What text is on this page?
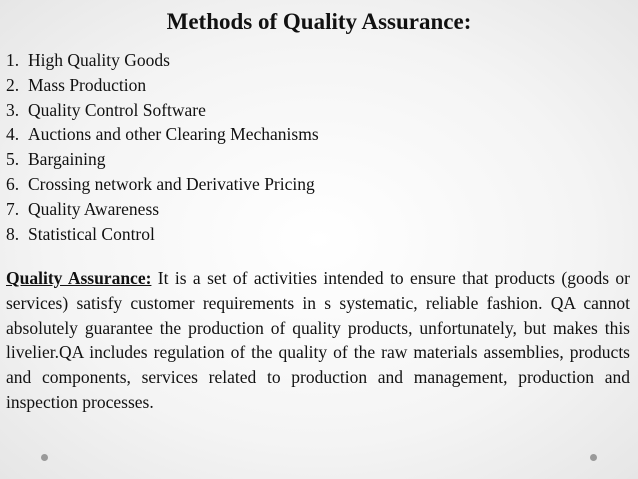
Methods of Quality Assurance:
1. High Quality Goods
2. Mass Production
3. Quality Control Software
4. Auctions and other Clearing Mechanisms
5. Bargaining
6. Crossing network and Derivative Pricing
7. Quality Awareness
8. Statistical Control

Quality Assurance: It is a set of activities intended to ensure that products (goods or services) satisfy customer requirements in s systematic, reliable fashion. QA cannot absolutely guarantee the production of quality products, unfortunately, but makes this livelier.QA includes regulation of the quality of the raw materials assemblies, products and components, services related to production and management, production and inspection processes.
